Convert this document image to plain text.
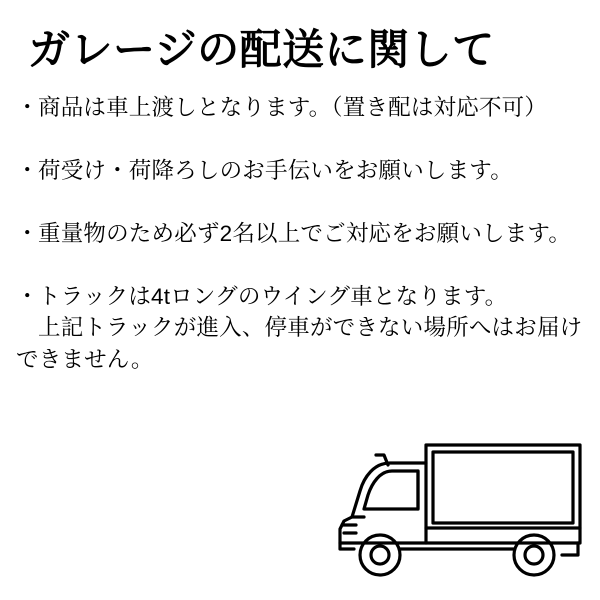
ガレージの配送に関して
・ 商品は車上渡しとなります。（置き配は対応不可）
・ 荷受け・荷降ろしのお手伝いをお願いします。
・ 重量物のため必ず2名以上でご対応をお願いします。
・ トラックは4tロングのウイング車となります。
上記トラックが進入、停車ができない場所へはお届け
できません。
